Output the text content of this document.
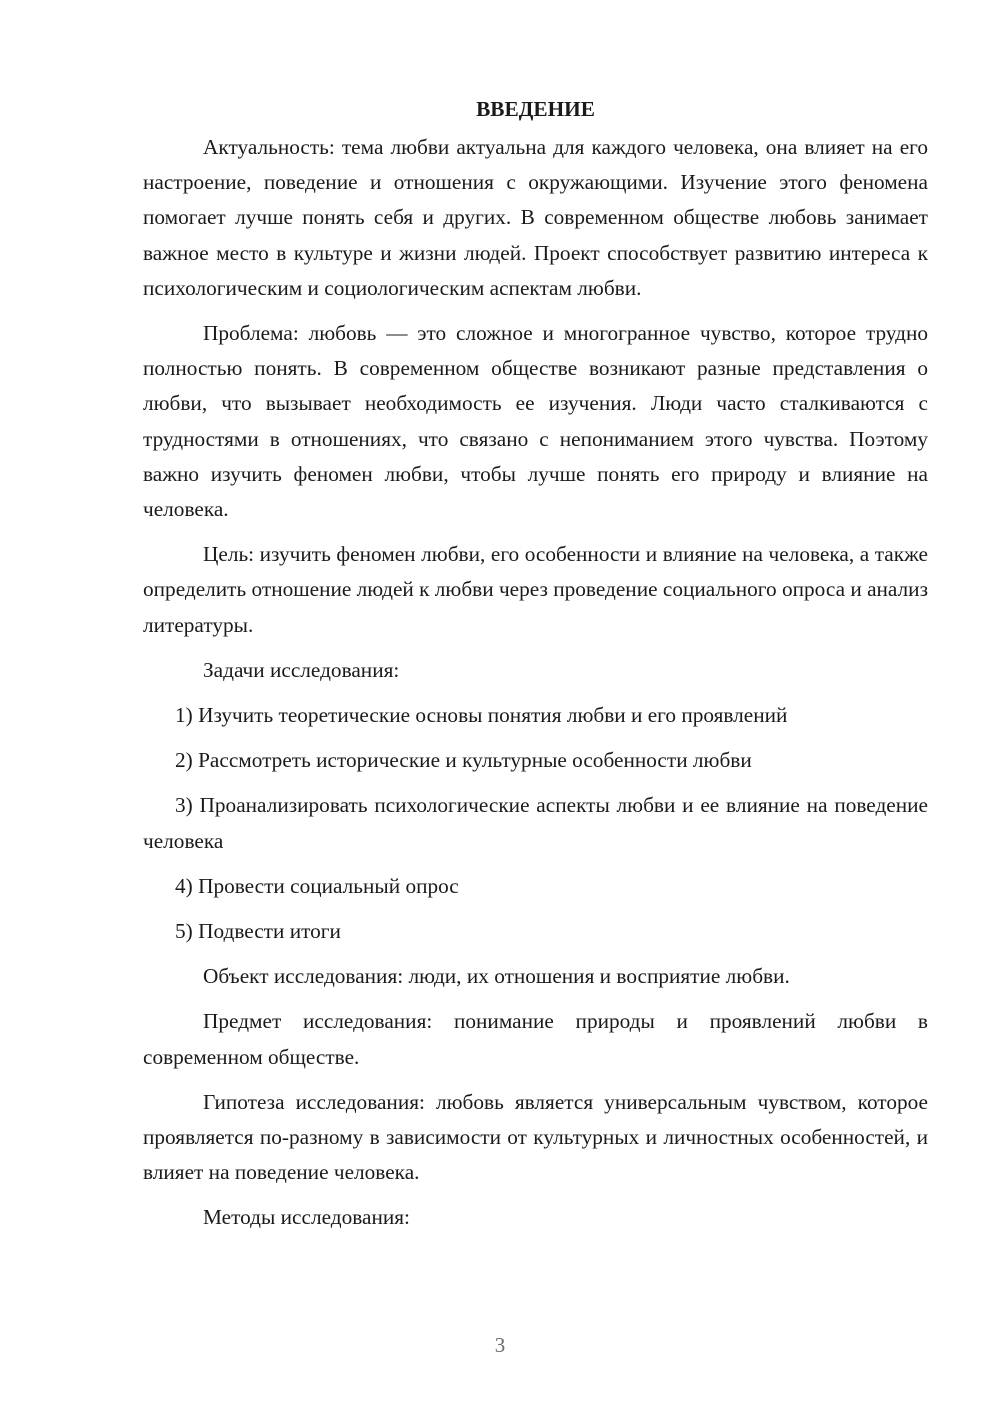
ВВЕДЕНИЕ

Актуальность: тема любви актуальна для каждого человека, она влияет на его настроение, поведение и отношения с окружающими. Изучение этого феномена помогает лучше понять себя и других. В современном обществе любовь занимает важное место в культуре и жизни людей. Проект способствует развитию интереса к психологическим и социологическим аспектам любви.

Проблема: любовь — это сложное и многогранное чувство, которое трудно полностью понять. В современном обществе возникают разные представления о любви, что вызывает необходимость ее изучения. Люди часто сталкиваются с трудностями в отношениях, что связано с непониманием этого чувства. Поэтому важно изучить феномен любви, чтобы лучше понять его природу и влияние на человека.

Цель: изучить феномен любви, его особенности и влияние на человека, а также определить отношение людей к любви через проведение социального опроса и анализ литературы.

Задачи исследования:

1) Изучить теоретические основы понятия любви и его проявлений

2) Рассмотреть исторические и культурные особенности любви

3) Проанализировать психологические аспекты любви и ее влияние на поведение человека

4) Провести социальный опрос

5) Подвести итоги

Объект исследования: люди, их отношения и восприятие любви.

Предмет исследования: понимание природы и проявлений любви в современном обществе.

Гипотеза исследования: любовь является универсальным чувством, которое проявляется по-разному в зависимости от культурных и личностных особенностей, и влияет на поведение человека.

Методы исследования:

3
